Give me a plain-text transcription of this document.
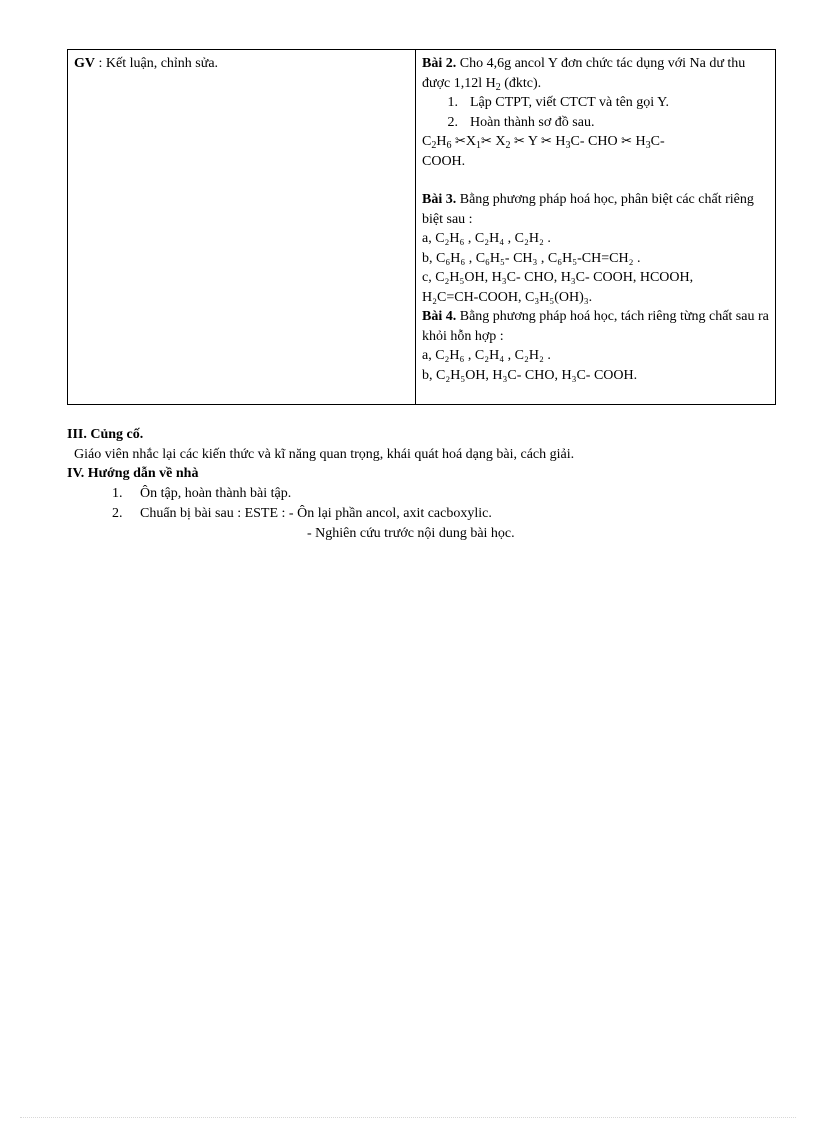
GV : Kết luận, chỉnh sửa.	Bài 2. Cho 4,6g ancol Y đơn chức tác dụng với Na dư thu được 1,12l $H_2$ (đktc).
1. Lập CTPT, viết CTCT và tên gọi Y.
2. Hoàn thành sơ đồ sau.
$C_2H_6$ $✂X_1✂$ $X_2$ ✂ Y ✂ $H_3C-$ CHO ✂ $H_3C-$
COOH.
Bài 3. Bằng phương pháp hoá học, phân biệt các chất riêng biệt sau :
a, C₂H₆ , C₂H₄ , C₂H₂ .
b, C₆H₆ , C₆H₅- CH₃ , C₆H₅-CH=CH₂ .
c, C₂H₅OH, H₃C- CHO, H₃C- COOH, HCOOH,
H₂C=CH-COOH, C₃H₅(OH)₃.
Bài 4. Bằng phương pháp hoá học, tách riêng từng chất sau ra khỏi hỗn hợp :
a, C₂H₆ , C₂H₄ , C₂H₂ .
b, C₂H₅OH, H₃C- CHO, H₃C- COOH.
III. Củng cố.
Giáo viên nhắc lại các kiến thức và kĩ năng quan trọng, khái quát hoá dạng bài, cách giải.
IV. Hướng dẫn về nhà
1. Ôn tập, hoàn thành bài tập.
2. Chuẩn bị bài sau : ESTE : - Ôn lại phần ancol, axit cacboxylic.
- Nghiên cứu trước nội dung bài học.
